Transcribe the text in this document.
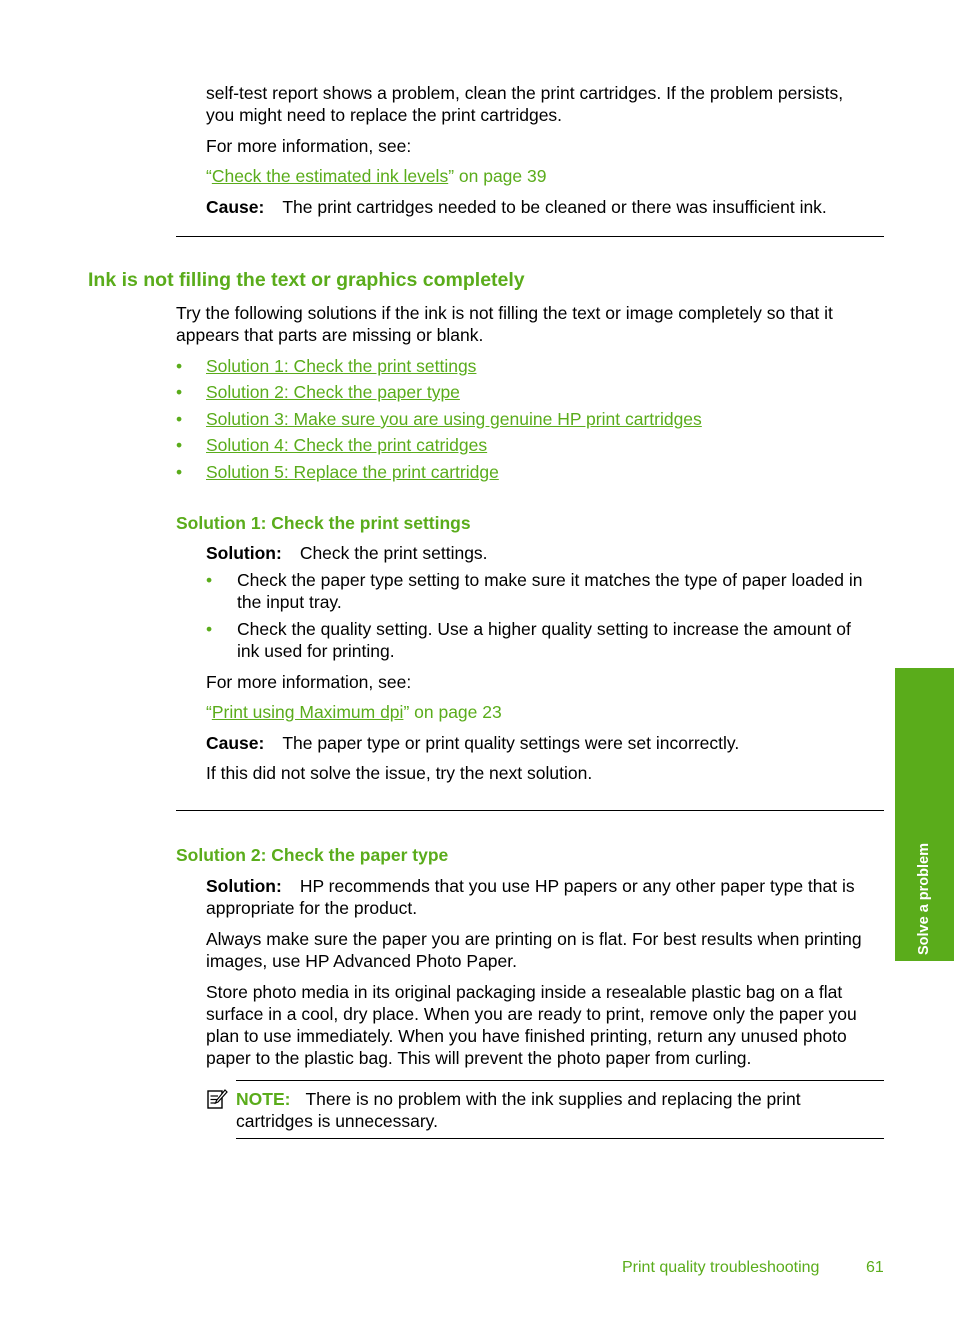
self-test report shows a problem, clean the print cartridges. If the problem persists,
you might need to replace the print cartridges.
For more information, see:
“Check the estimated ink levels” on page 39
Cause: The print cartridges needed to be cleaned or there was insufficient ink.
Ink is not filling the text or graphics completely
Try the following solutions if the ink is not filling the text or image completely so that it
appears that parts are missing or blank.
• Solution 1: Check the print settings
• Solution 2: Check the paper type
• Solution 3: Make sure you are using genuine HP print cartridges
• Solution 4: Check the print catridges
• Solution 5: Replace the print cartridge
Solution 1: Check the print settings
Solution: Check the print settings.
• Check the paper type setting to make sure it matches the type of paper loaded in
the input tray.
• Check the quality setting. Use a higher quality setting to increase the amount of
ink used for printing.
For more information, see:
“Print using Maximum dpi” on page 23
Cause: The paper type or print quality settings were set incorrectly.
If this did not solve the issue, try the next solution.
Solution 2: Check the paper type
Solution: HP recommends that you use HP papers or any other paper type that is
appropriate for the product.
Always make sure the paper you are printing on is flat. For best results when printing
images, use HP Advanced Photo Paper.
Store photo media in its original packaging inside a resealable plastic bag on a flat
surface in a cool, dry place. When you are ready to print, remove only the paper you
plan to use immediately. When you have finished printing, return any unused photo
paper to the plastic bag. This will prevent the photo paper from curling.
NOTE: There is no problem with the ink supplies and replacing the print
cartridges is unnecessary.
Solve a problem
Print quality troubleshooting	61
